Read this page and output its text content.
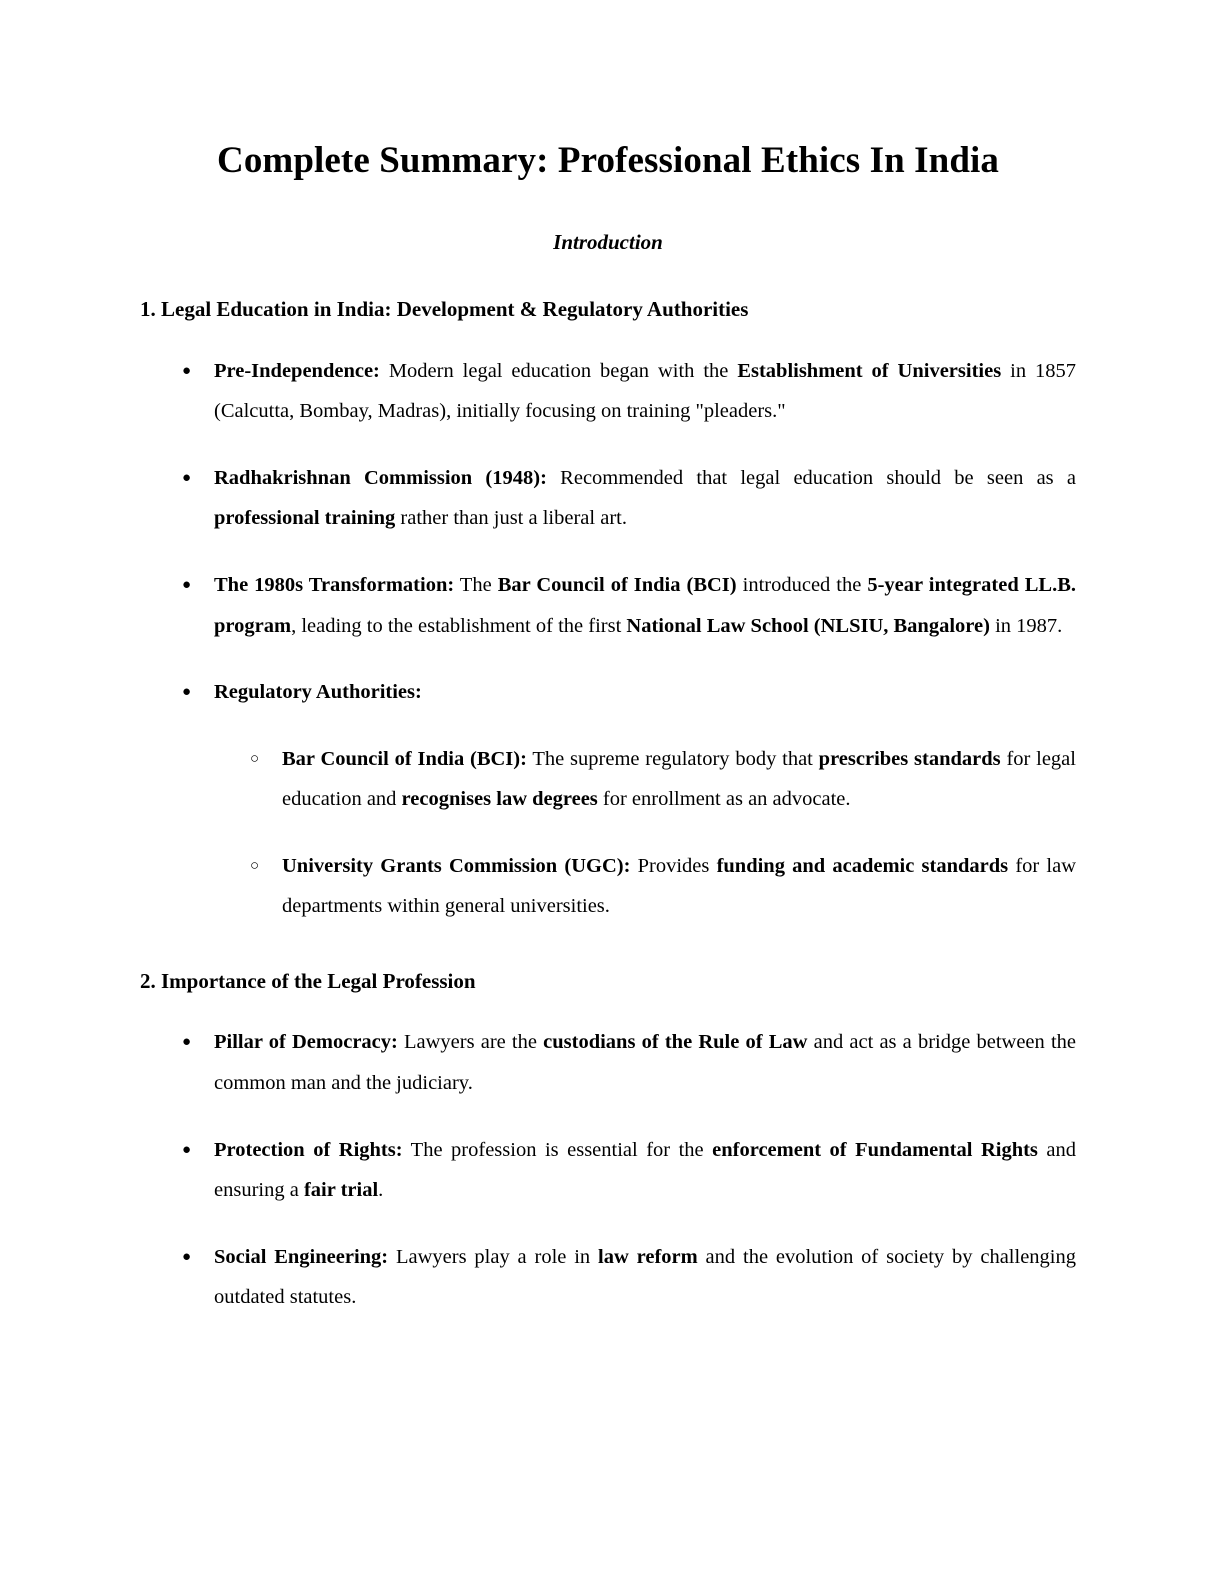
Complete Summary: Professional Ethics In India
Introduction
1. Legal Education in India: Development & Regulatory Authorities
● Pre-Independence: Modern legal education began with the Establishment of Universities in 1857 (Calcutta, Bombay, Madras), initially focusing on training "pleaders."
● Radhakrishnan Commission (1948): Recommended that legal education should be seen as a professional training rather than just a liberal art.
● The 1980s Transformation: The Bar Council of India (BCI) introduced the 5-year integrated LL.B. program, leading to the establishment of the first National Law School (NLSIU, Bangalore) in 1987.
● Regulatory Authorities:
○ Bar Council of India (BCI): The supreme regulatory body that prescribes standards for legal education and recognises law degrees for enrollment as an advocate.
○ University Grants Commission (UGC): Provides funding and academic standards for law departments within general universities.
2. Importance of the Legal Profession
● Pillar of Democracy: Lawyers are the custodians of the Rule of Law and act as a bridge between the common man and the judiciary.
● Protection of Rights: The profession is essential for the enforcement of Fundamental Rights and ensuring a fair trial.
● Social Engineering: Lawyers play a role in law reform and the evolution of society by challenging outdated statutes.
